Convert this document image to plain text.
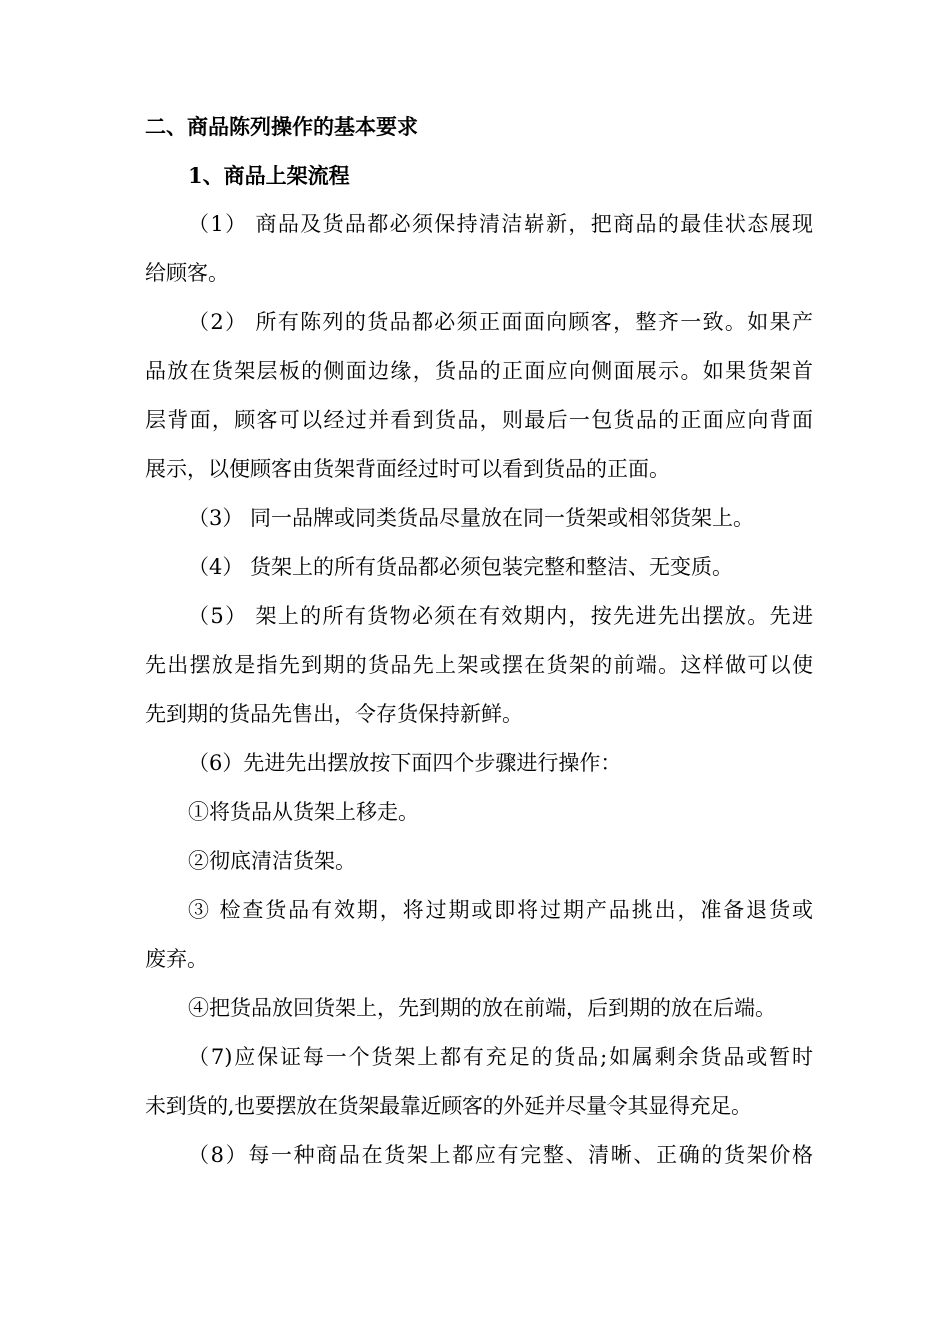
二、商品陈列操作的基本要求

1、商品上架流程

（1） 商品及货品都必须保持清洁崭新，把商品的最佳状态展现

给顾客。

（2） 所有陈列的货品都必须正面面向顾客，整齐一致。如果产

品放在货架层板的侧面边缘，货品的正面应向侧面展示。如果货架首

层背面，顾客可以经过并看到货品，则最后一包货品的正面应向背面

展示，以便顾客由货架背面经过时可以看到货品的正面。

（3） 同一品牌或同类货品尽量放在同一货架或相邻货架上。

（4） 货架上的所有货品都必须包装完整和整洁、无变质。

（5） 架上的所有货物必须在有效期内，按先进先出摆放。先进

先出摆放是指先到期的货品先上架或摆在货架的前端。这样做可以使

先到期的货品先售出，令存货保持新鲜。

（6）先进先出摆放按下面四个步骤进行操作：

①将货品从货架上移走。

②彻底清洁货架。

③ 检查货品有效期，将过期或即将过期产品挑出，准备退货或

废弃。

④把货品放回货架上，先到期的放在前端，后到期的放在后端。

（7)应保证每一个货架上都有充足的货品;如属剩余货品或暂时

未到货的,也要摆放在货架最靠近顾客的外延并尽量令其显得充足。

（8）每一种商品在货架上都应有完整、清晰、正确的货架价格
